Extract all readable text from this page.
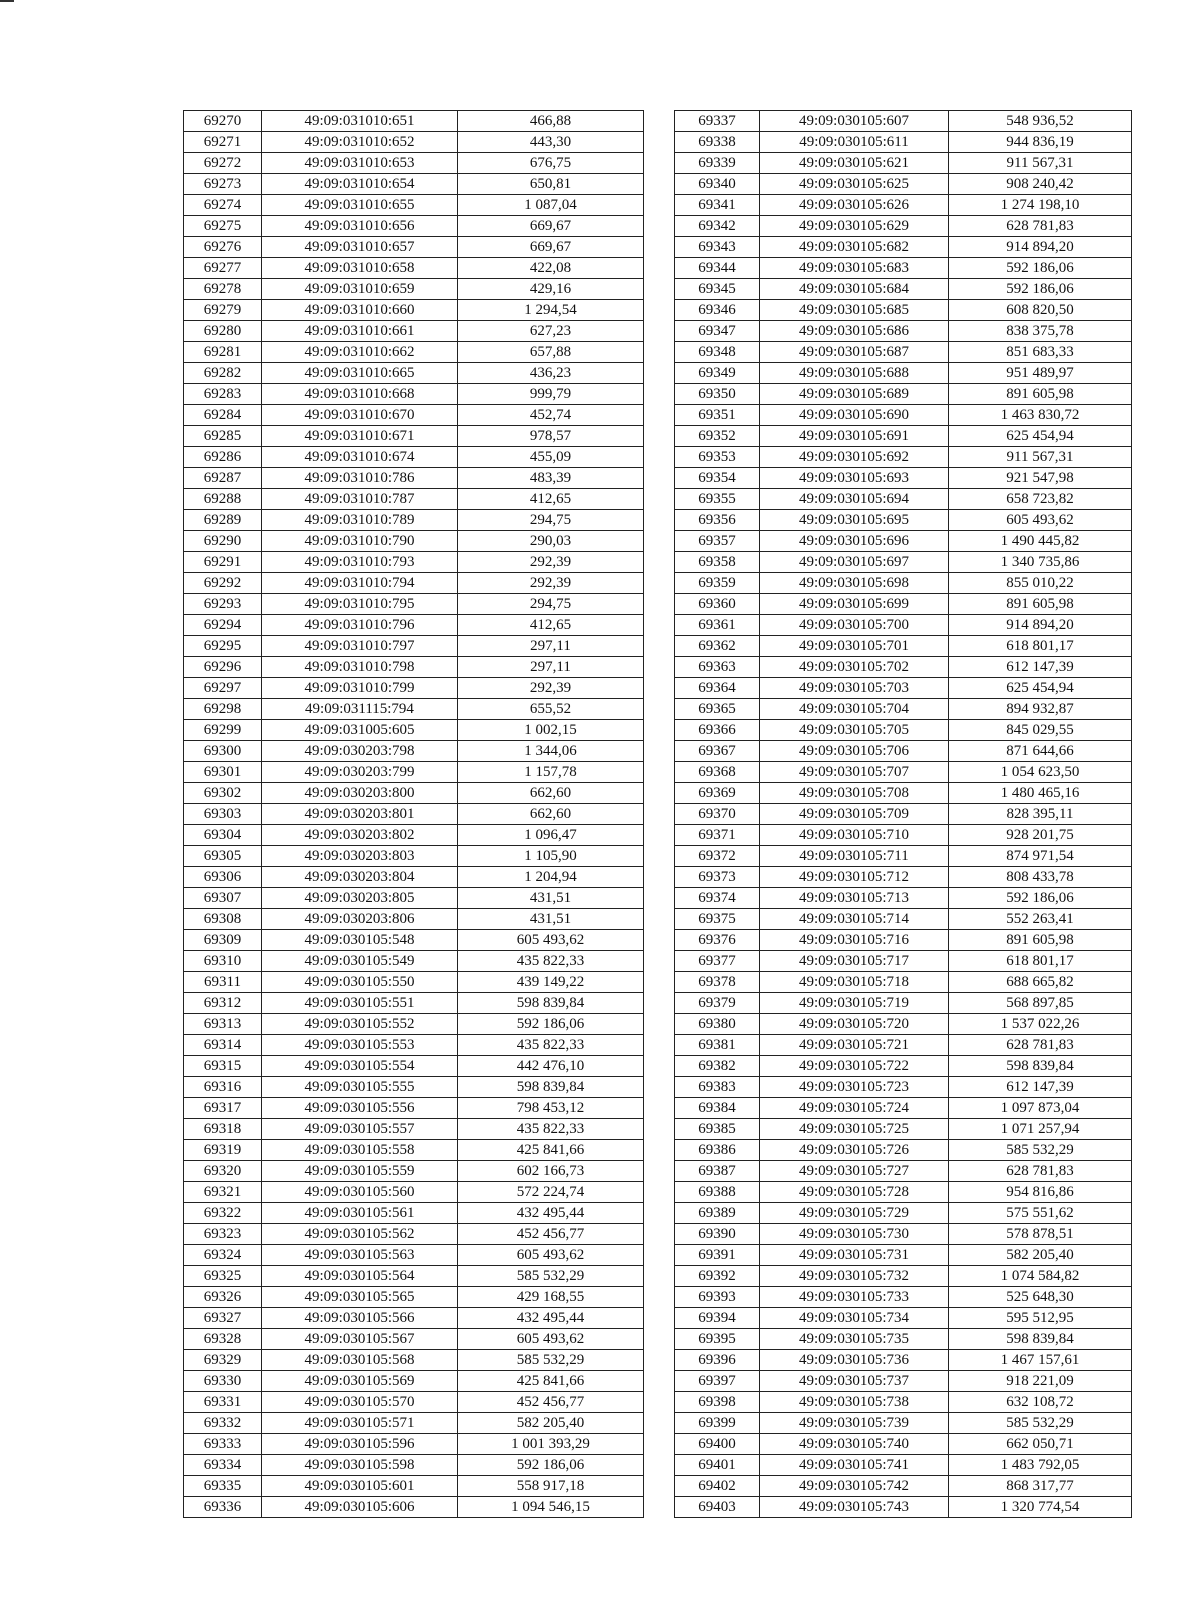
69270	49:09:031010:651	466,88
69271	49:09:031010:652	443,30
69272	49:09:031010:653	676,75
69273	49:09:031010:654	650,81
69274	49:09:031010:655	1 087,04
69275	49:09:031010:656	669,67
69276	49:09:031010:657	669,67
69277	49:09:031010:658	422,08
69278	49:09:031010:659	429,16
69279	49:09:031010:660	1 294,54
69280	49:09:031010:661	627,23
69281	49:09:031010:662	657,88
69282	49:09:031010:665	436,23
69283	49:09:031010:668	999,79
69284	49:09:031010:670	452,74
69285	49:09:031010:671	978,57
69286	49:09:031010:674	455,09
69287	49:09:031010:786	483,39
69288	49:09:031010:787	412,65
69289	49:09:031010:789	294,75
69290	49:09:031010:790	290,03
69291	49:09:031010:793	292,39
69292	49:09:031010:794	292,39
69293	49:09:031010:795	294,75
69294	49:09:031010:796	412,65
69295	49:09:031010:797	297,11
69296	49:09:031010:798	297,11
69297	49:09:031010:799	292,39
69298	49:09:031115:794	655,52
69299	49:09:031005:605	1 002,15
69300	49:09:030203:798	1 344,06
69301	49:09:030203:799	1 157,78
69302	49:09:030203:800	662,60
69303	49:09:030203:801	662,60
69304	49:09:030203:802	1 096,47
69305	49:09:030203:803	1 105,90
69306	49:09:030203:804	1 204,94
69307	49:09:030203:805	431,51
69308	49:09:030203:806	431,51
69309	49:09:030105:548	605 493,62
69310	49:09:030105:549	435 822,33
69311	49:09:030105:550	439 149,22
69312	49:09:030105:551	598 839,84
69313	49:09:030105:552	592 186,06
69314	49:09:030105:553	435 822,33
69315	49:09:030105:554	442 476,10
69316	49:09:030105:555	598 839,84
69317	49:09:030105:556	798 453,12
69318	49:09:030105:557	435 822,33
69319	49:09:030105:558	425 841,66
69320	49:09:030105:559	602 166,73
69321	49:09:030105:560	572 224,74
69322	49:09:030105:561	432 495,44
69323	49:09:030105:562	452 456,77
69324	49:09:030105:563	605 493,62
69325	49:09:030105:564	585 532,29
69326	49:09:030105:565	429 168,55
69327	49:09:030105:566	432 495,44
69328	49:09:030105:567	605 493,62
69329	49:09:030105:568	585 532,29
69330	49:09:030105:569	425 841,66
69331	49:09:030105:570	452 456,77
69332	49:09:030105:571	582 205,40
69333	49:09:030105:596	1 001 393,29
69334	49:09:030105:598	592 186,06
69335	49:09:030105:601	558 917,18
69336	49:09:030105:606	1 094 546,15
69337	49:09:030105:607	548 936,52
69338	49:09:030105:611	944 836,19
69339	49:09:030105:621	911 567,31
69340	49:09:030105:625	908 240,42
69341	49:09:030105:626	1 274 198,10
69342	49:09:030105:629	628 781,83
69343	49:09:030105:682	914 894,20
69344	49:09:030105:683	592 186,06
69345	49:09:030105:684	592 186,06
69346	49:09:030105:685	608 820,50
69347	49:09:030105:686	838 375,78
69348	49:09:030105:687	851 683,33
69349	49:09:030105:688	951 489,97
69350	49:09:030105:689	891 605,98
69351	49:09:030105:690	1 463 830,72
69352	49:09:030105:691	625 454,94
69353	49:09:030105:692	911 567,31
69354	49:09:030105:693	921 547,98
69355	49:09:030105:694	658 723,82
69356	49:09:030105:695	605 493,62
69357	49:09:030105:696	1 490 445,82
69358	49:09:030105:697	1 340 735,86
69359	49:09:030105:698	855 010,22
69360	49:09:030105:699	891 605,98
69361	49:09:030105:700	914 894,20
69362	49:09:030105:701	618 801,17
69363	49:09:030105:702	612 147,39
69364	49:09:030105:703	625 454,94
69365	49:09:030105:704	894 932,87
69366	49:09:030105:705	845 029,55
69367	49:09:030105:706	871 644,66
69368	49:09:030105:707	1 054 623,50
69369	49:09:030105:708	1 480 465,16
69370	49:09:030105:709	828 395,11
69371	49:09:030105:710	928 201,75
69372	49:09:030105:711	874 971,54
69373	49:09:030105:712	808 433,78
69374	49:09:030105:713	592 186,06
69375	49:09:030105:714	552 263,41
69376	49:09:030105:716	891 605,98
69377	49:09:030105:717	618 801,17
69378	49:09:030105:718	688 665,82
69379	49:09:030105:719	568 897,85
69380	49:09:030105:720	1 537 022,26
69381	49:09:030105:721	628 781,83
69382	49:09:030105:722	598 839,84
69383	49:09:030105:723	612 147,39
69384	49:09:030105:724	1 097 873,04
69385	49:09:030105:725	1 071 257,94
69386	49:09:030105:726	585 532,29
69387	49:09:030105:727	628 781,83
69388	49:09:030105:728	954 816,86
69389	49:09:030105:729	575 551,62
69390	49:09:030105:730	578 878,51
69391	49:09:030105:731	582 205,40
69392	49:09:030105:732	1 074 584,82
69393	49:09:030105:733	525 648,30
69394	49:09:030105:734	595 512,95
69395	49:09:030105:735	598 839,84
69396	49:09:030105:736	1 467 157,61
69397	49:09:030105:737	918 221,09
69398	49:09:030105:738	632 108,72
69399	49:09:030105:739	585 532,29
69400	49:09:030105:740	662 050,71
69401	49:09:030105:741	1 483 792,05
69402	49:09:030105:742	868 317,77
69403	49:09:030105:743	1 320 774,54
